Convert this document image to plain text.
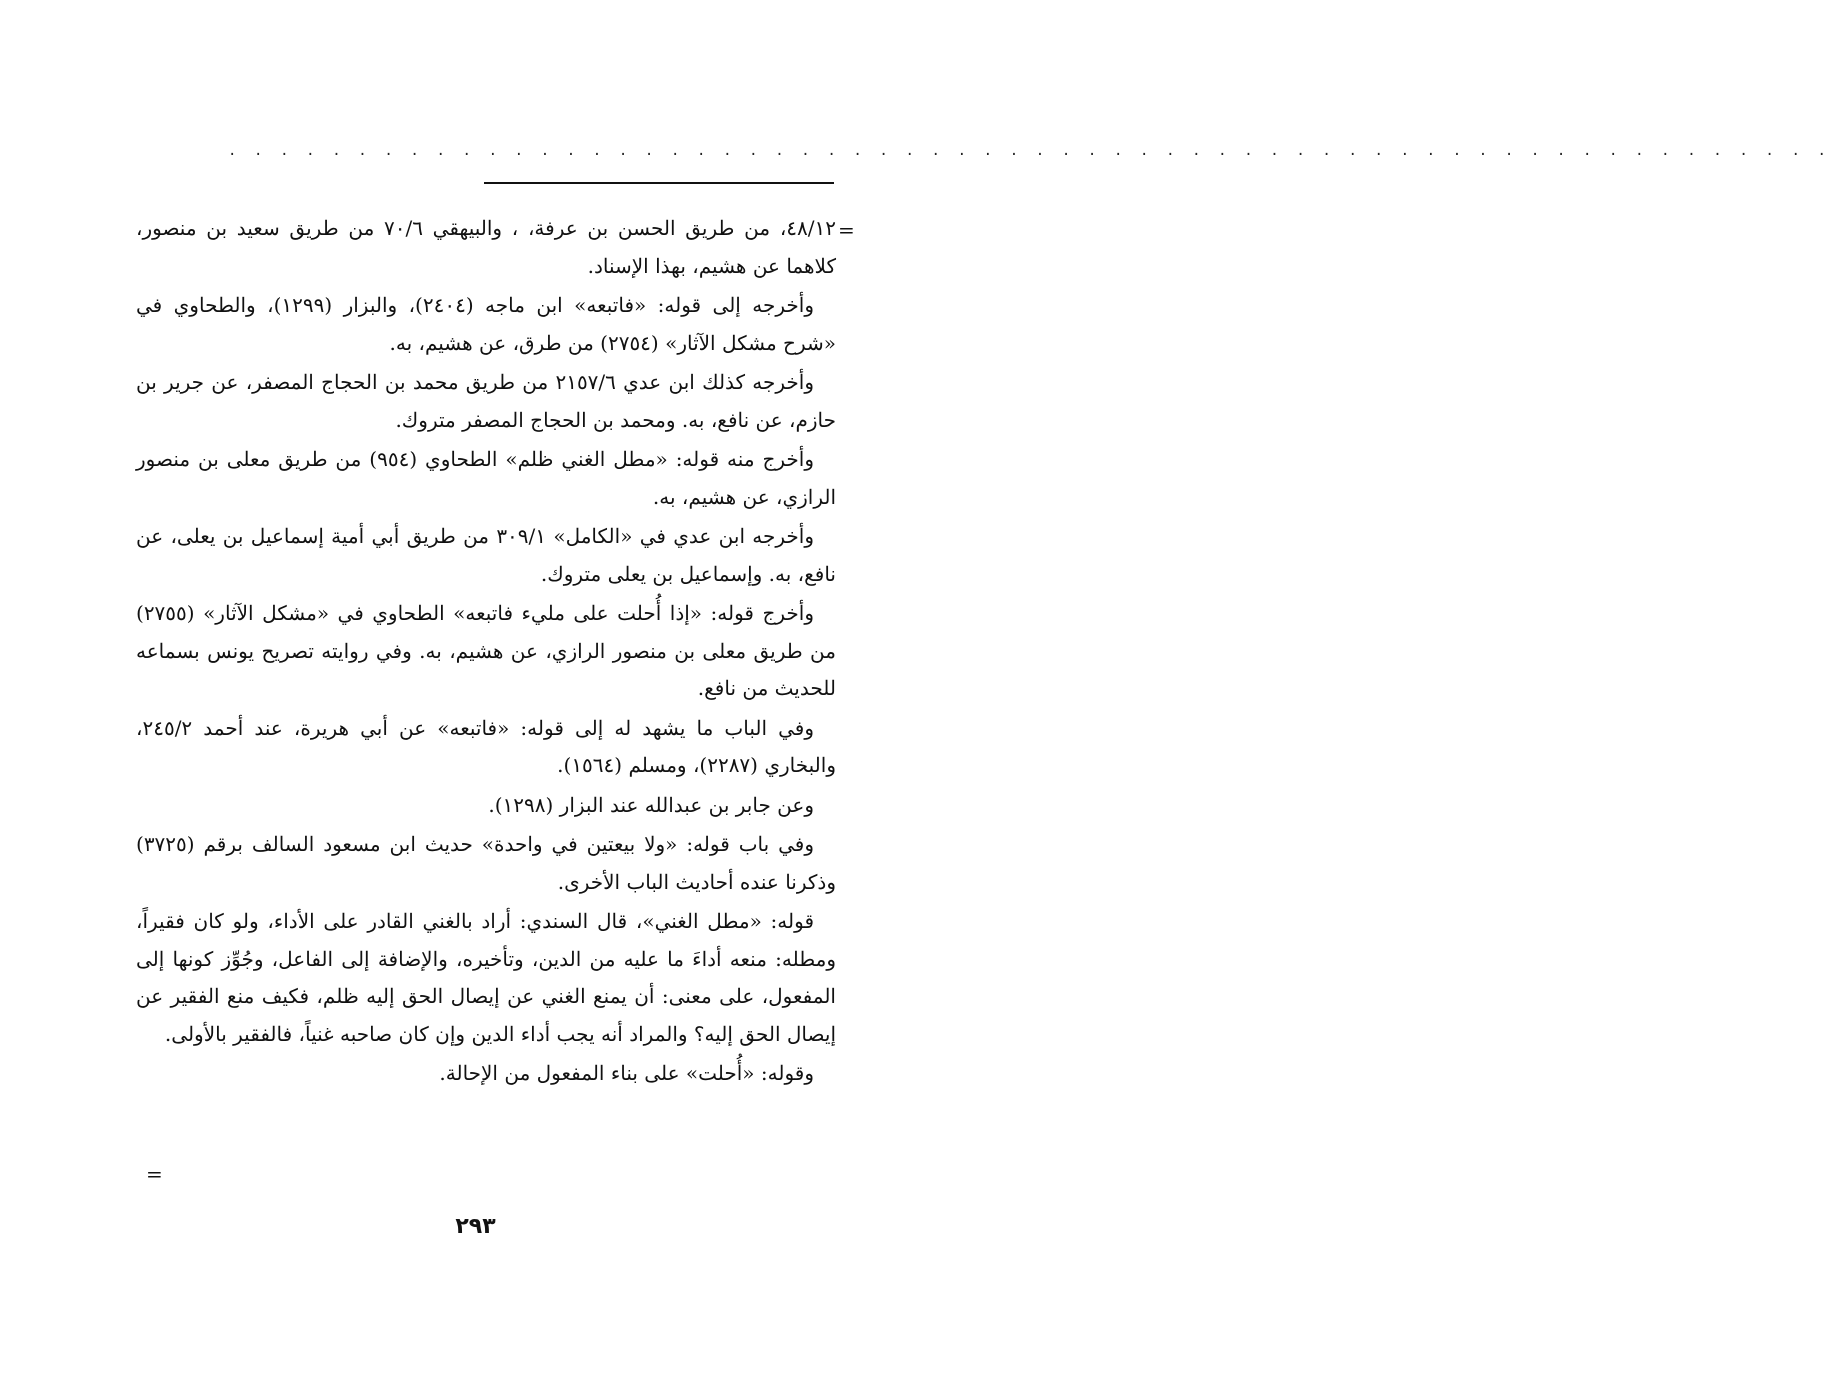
. . . . . . . . . . . . . . . . . . . . . . . . . . . . . . . . . . . . . . . . . . . . . . . . . . . . . . . . . . . . . .
=

٤٨/١٢، من طريق الحسن بن عرفة، ، والبيهقي ٧٠/٦ من طريق سعيد بن منصور، كلاهما عن هشيم، بهذا الإسناد.

وأخرجه إلى قوله: «فاتبعه» ابن ماجه (٢٤٠٤)، والبزار (١٢٩٩)، والطحاوي في «شرح مشكل الآثار» (٢٧٥٤) من طرق، عن هشيم، به.

وأخرجه كذلك ابن عدي ٢١٥٧/٦ من طريق محمد بن الحجاج المصفر، عن جرير بن حازم، عن نافع، به. ومحمد بن الحجاج المصفر متروك.

وأخرج منه قوله: «مطل الغني ظلم» الطحاوي (٩٥٤) من طريق معلى بن منصور الرازي، عن هشيم، به.

وأخرجه ابن عدي في «الكامل» ٣٠٩/١ من طريق أبي أمية إسماعيل بن يعلى، عن نافع، به. وإسماعيل بن يعلى متروك.

وأخرج قوله: «إذا أُحلت على مليء فاتبعه» الطحاوي في «مشكل الآثار» (٢٧٥٥) من طريق معلى بن منصور الرازي، عن هشيم، به. وفي روايته تصريح يونس بسماعه للحديث من نافع.

وفي الباب ما يشهد له إلى قوله: «فاتبعه» عن أبي هريرة، عند أحمد ٢٤٥/٢، والبخاري (٢٢٨٧)، ومسلم (١٥٦٤).

وعن جابر بن عبدالله عند البزار (١٢٩٨).

وفي باب قوله: «ولا بيعتين في واحدة» حديث ابن مسعود السالف برقم (٣٧٢٥) وذكرنا عنده أحاديث الباب الأخرى.

قوله: «مطل الغني»، قال السندي: أراد بالغني القادر على الأداء، ولو كان فقيراً، ومطله: منعه أداءَ ما عليه من الدين، وتأخيره، والإضافة إلى الفاعل، وجُوِّز كونها إلى المفعول، على معنى: أن يمنع الغني عن إيصال الحق إليه ظلم، فكيف منع الفقير عن إيصال الحق إليه؟ والمراد أنه يجب أداء الدين وإن كان صاحبه غنياً، فالفقير بالأولى.

وقوله: «أُحلت» على بناء المفعول من الإحالة.

=
٢٩٣
